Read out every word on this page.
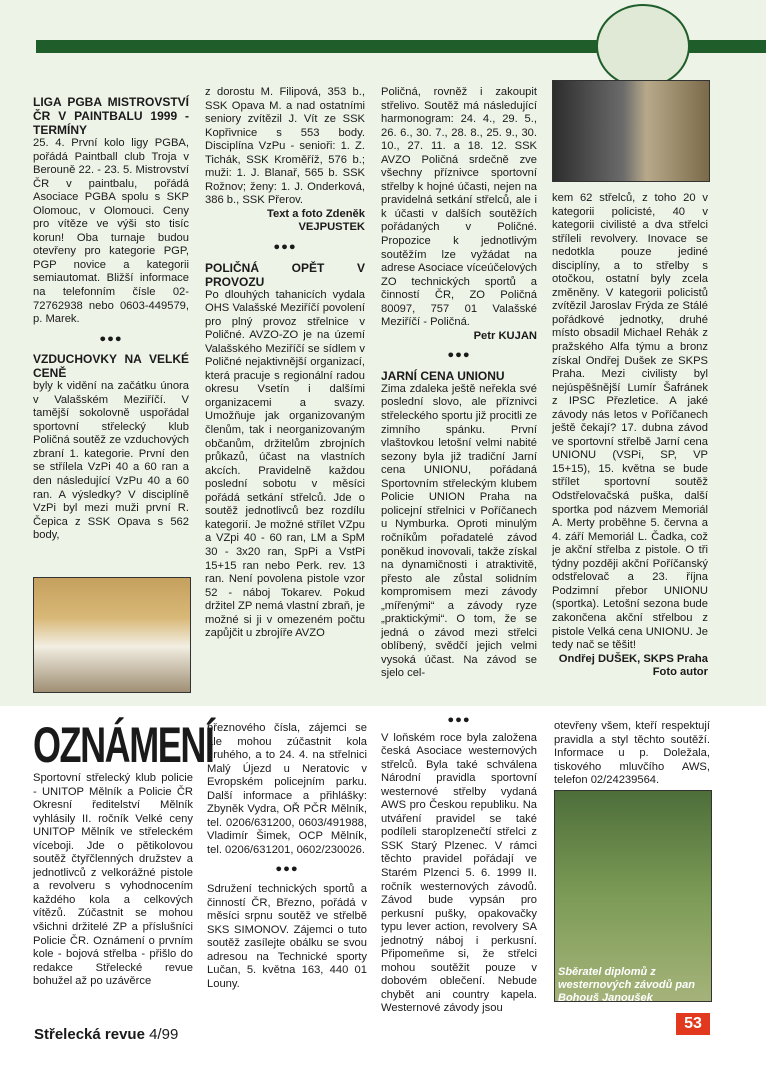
LIGA PGBA MISTROVSTVÍ ČR V PAINTBALU 1999 - TERMÍNY

25. 4. První kolo ligy PGBA, pořádá Paintball club Troja v Berouně 22. - 23. 5. Mistrovství ČR v paintbalu, pořádá Asociace PGBA spolu s SKP Olomouc, v Olomouci. Ceny pro vítěze ve výši sto tisíc korun! Oba turnaje budou otevřeny pro kategorie PGP, PGP novice a kategorii semiautomat. Bližší informace na telefonním čísle 02-72762938 nebo 0603-449579, p. Marek.

●●●
VZDUCHOVKY NA VELKÉ CENĚ

byly k vidění na začátku února v Valašském Meziříčí. V tamější sokolovně uspořádal sportovní střelecký klub Poličná soutěž ze vzduchových zbraní 1. kategorie. První den se střílela VzPi 40 a 60 ran a den následující VzPu 40 a 60 ran. A výsledky? V disciplíně VzPi byl mezi muži první R. Čepica z SSK Opava s 562 body,

z dorostu M. Filipová, 353 b., SSK Opava M. a nad ostatními seniory zvítězil J. Vít ze SSK Kopřivnice s 553 body. Disciplína VzPu - senioři: 1. Z. Tichák, SSK Kroměříž, 576 b.; muži: 1. J. Blanař, 565 b. SSK Rožnov; ženy: 1. J. Onderková, 386 b., SSK Přerov.

Text a foto Zdeněk VEJPUSTEK
●●●
POLIČNÁ OPĚT V PROVOZU

Po dlouhých tahanicích vydala OHS Valašské Meziříčí povolení pro plný provoz střelnice v Poličné. AVZO-ZO je na území Valašského Meziříčí se sídlem v Poličné nejaktivnější organizací, která pracuje s regionální radou okresu Vsetín i dalšími organizacemi a svazy. Umožňuje jak organizovaným členům, tak i neorganizovaným občanům, držitelům zbrojních průkazů, účast na vlastních akcích. Pravidelně každou poslední sobotu v měsíci pořádá setkání střelců. Jde o soutěž jednotlivců bez rozdílu kategorií. Je možné střílet VZpu a VZpi 40 - 60 ran, LM a SpM 30 - 3x20 ran, SpPi a VstPi 15+15 ran nebo Perk. rev. 13 ran. Není povolena pistole vzor 52 - náboj Tokarev. Pokud držitel ZP nemá vlastní zbraň, je možné si ji v omezeném počtu zapůjčit u zbrojíře AVZO

Poličná, rovněž i zakoupit střelivo. Soutěž má následující harmonogram: 24. 4., 29. 5., 26. 6., 30. 7., 28. 8., 25. 9., 30. 10., 27. 11. a 18. 12. SSK AVZO Poličná srdečně zve všechny příznivce sportovní střelby k hojné účasti, nejen na pravidelná setkání střelců, ale i k účasti v dalších soutěžích pořádaných v Poličné. Propozice k jednotlivým soutěžím lze vyžádat na adrese Asociace víceúčelových ZO technických sportů a činností ČR, ZO Poličná 80097, 757 01 Valašské Meziříčí - Poličná.

Petr KUJAN
●●●
JARNÍ CENA UNIONU

Zima zdaleka ještě neřekla své poslední slovo, ale příznivci střeleckého sportu již procitli ze zimního spánku. První vlaštovkou letošní velmi nabité sezony byla již tradiční Jarní cena UNIONU, pořádaná Sportovním střeleckým klubem Policie UNION Praha na policejní střelnici v Poříčanech u Nymburka. Oproti minulým ročníkům pořadatelé závod poněkud inovovali, takže získal na dynamičnosti i atraktivitě, přesto ale zůstal solidním kompromisem mezi závody „mířenými“ a závody ryze „praktickými“. O tom, že se jedná o závod mezi střelci oblíbený, svědčí jejich velmi vysoká účast. Na závod se sjelo cel-

kem 62 střelců, z toho 20 v kategorii policisté, 40 v kategorii civilisté a dva střelci stříleli revolvery. Inovace se nedotkla pouze jediné disciplíny, a to střelby s otočkou, ostatní byly zcela změněny. V kategorii policistů zvítězil Jaroslav Frýda ze Stálé pořádkové jednotky, druhé místo obsadil Michael Rehák z pražského Alfa týmu a bronz získal Ondřej Dušek ze SKPS Praha. Mezi civilisty byl nejúspěšnější Lumír Šafránek z IPSC Přezletice. A jaké závody nás letos v Poříčanech ještě čekají? 17. dubna závod ve sportovní střelbě Jarní cena UNIONU (VSPi, SP, VP 15+15), 15. května se bude střílet sportovní soutěž Odstřelovačská puška, další sportka pod názvem Memoriál A. Merty proběhne 5. června a 4. září Memoriál L. Čadka, což je akční střelba z pistole. O tři týdny později akční Poříčanský odstřelovač a 23. října Podzimní přebor UNIONU (sportka). Letošní sezona bude zakončena akční střelbou z pistole Velká cena UNIONU. Je tedy nač se těšit!

Ondřej DUŠEK, SKPS Praha Foto autor
OZNÁMENÍ

Sportovní střelecký klub policie - UNITOP Mělník a Policie ČR Okresní ředitelství Mělník vyhlásily II. ročník Velké ceny UNITOP Mělník ve střeleckém víceboji. Jde o pětikolovou soutěž čtyřčlenných družstev a jednotlivců z velkorážné pistole a revolveru s vyhodnocením každého kola a celkových vítězů. Zúčastnit se mohou všichni držitelé ZP a příslušníci Policie ČR. Oznámení o prvním kole - bojová střelba - přišlo do redakce Střelecké revue bohužel až po uzávěrce

březnového čísla, zájemci se ale mohou zúčastnit kola druhého, a to 24. 4. na střelnici Malý Újezd u Neratovic v Evropském policejním parku. Další informace a přihlášky: Zbyněk Vydra, OŘ PČR Mělník, tel. 0206/631200, 0603/491988, Vladimír Šimek, OCP Mělník, tel. 0206/631201, 0602/230026.

●●●

Sdružení technických sportů a činností ČR, Březno, pořádá v měsíci srpnu soutěž ve střelbě SKS SIMONOV. Zájemci o tuto soutěž zasílejte obálku se svou adresou na Technické sporty Lučan, 5. května 163, 440 01 Louny.

●●●

V loňském roce byla založena česká Asociace westernových střelců. Byla také schválena Národní pravidla sportovní westernové střelby vydaná AWS pro Českou republiku. Na utváření pravidel se také podíleli staroplzenečtí střelci z SSK Starý Plzenec. V rámci těchto pravidel pořádají ve Starém Plzenci 5. 6. 1999 II. ročník westernových závodů. Závod bude vypsán pro perkusní pušky, opakovačky typu lever action, revolvery SA jednotný náboj i perkusní. Připomeňme si, že střelci mohou soutěžit pouze v dobovém oblečení. Nebude chybět ani country kapela. Westernové závody jsou

otevřeny všem, kteří respektují pravidla a styl těchto soutěží. Informace u p. Doležala, tiskového mluvčího AWS, telefon 02/24239564.

Sběratel diplomů z westernových závodů pan Bohouš Janoušek
Střelecká revue 4/99
53
